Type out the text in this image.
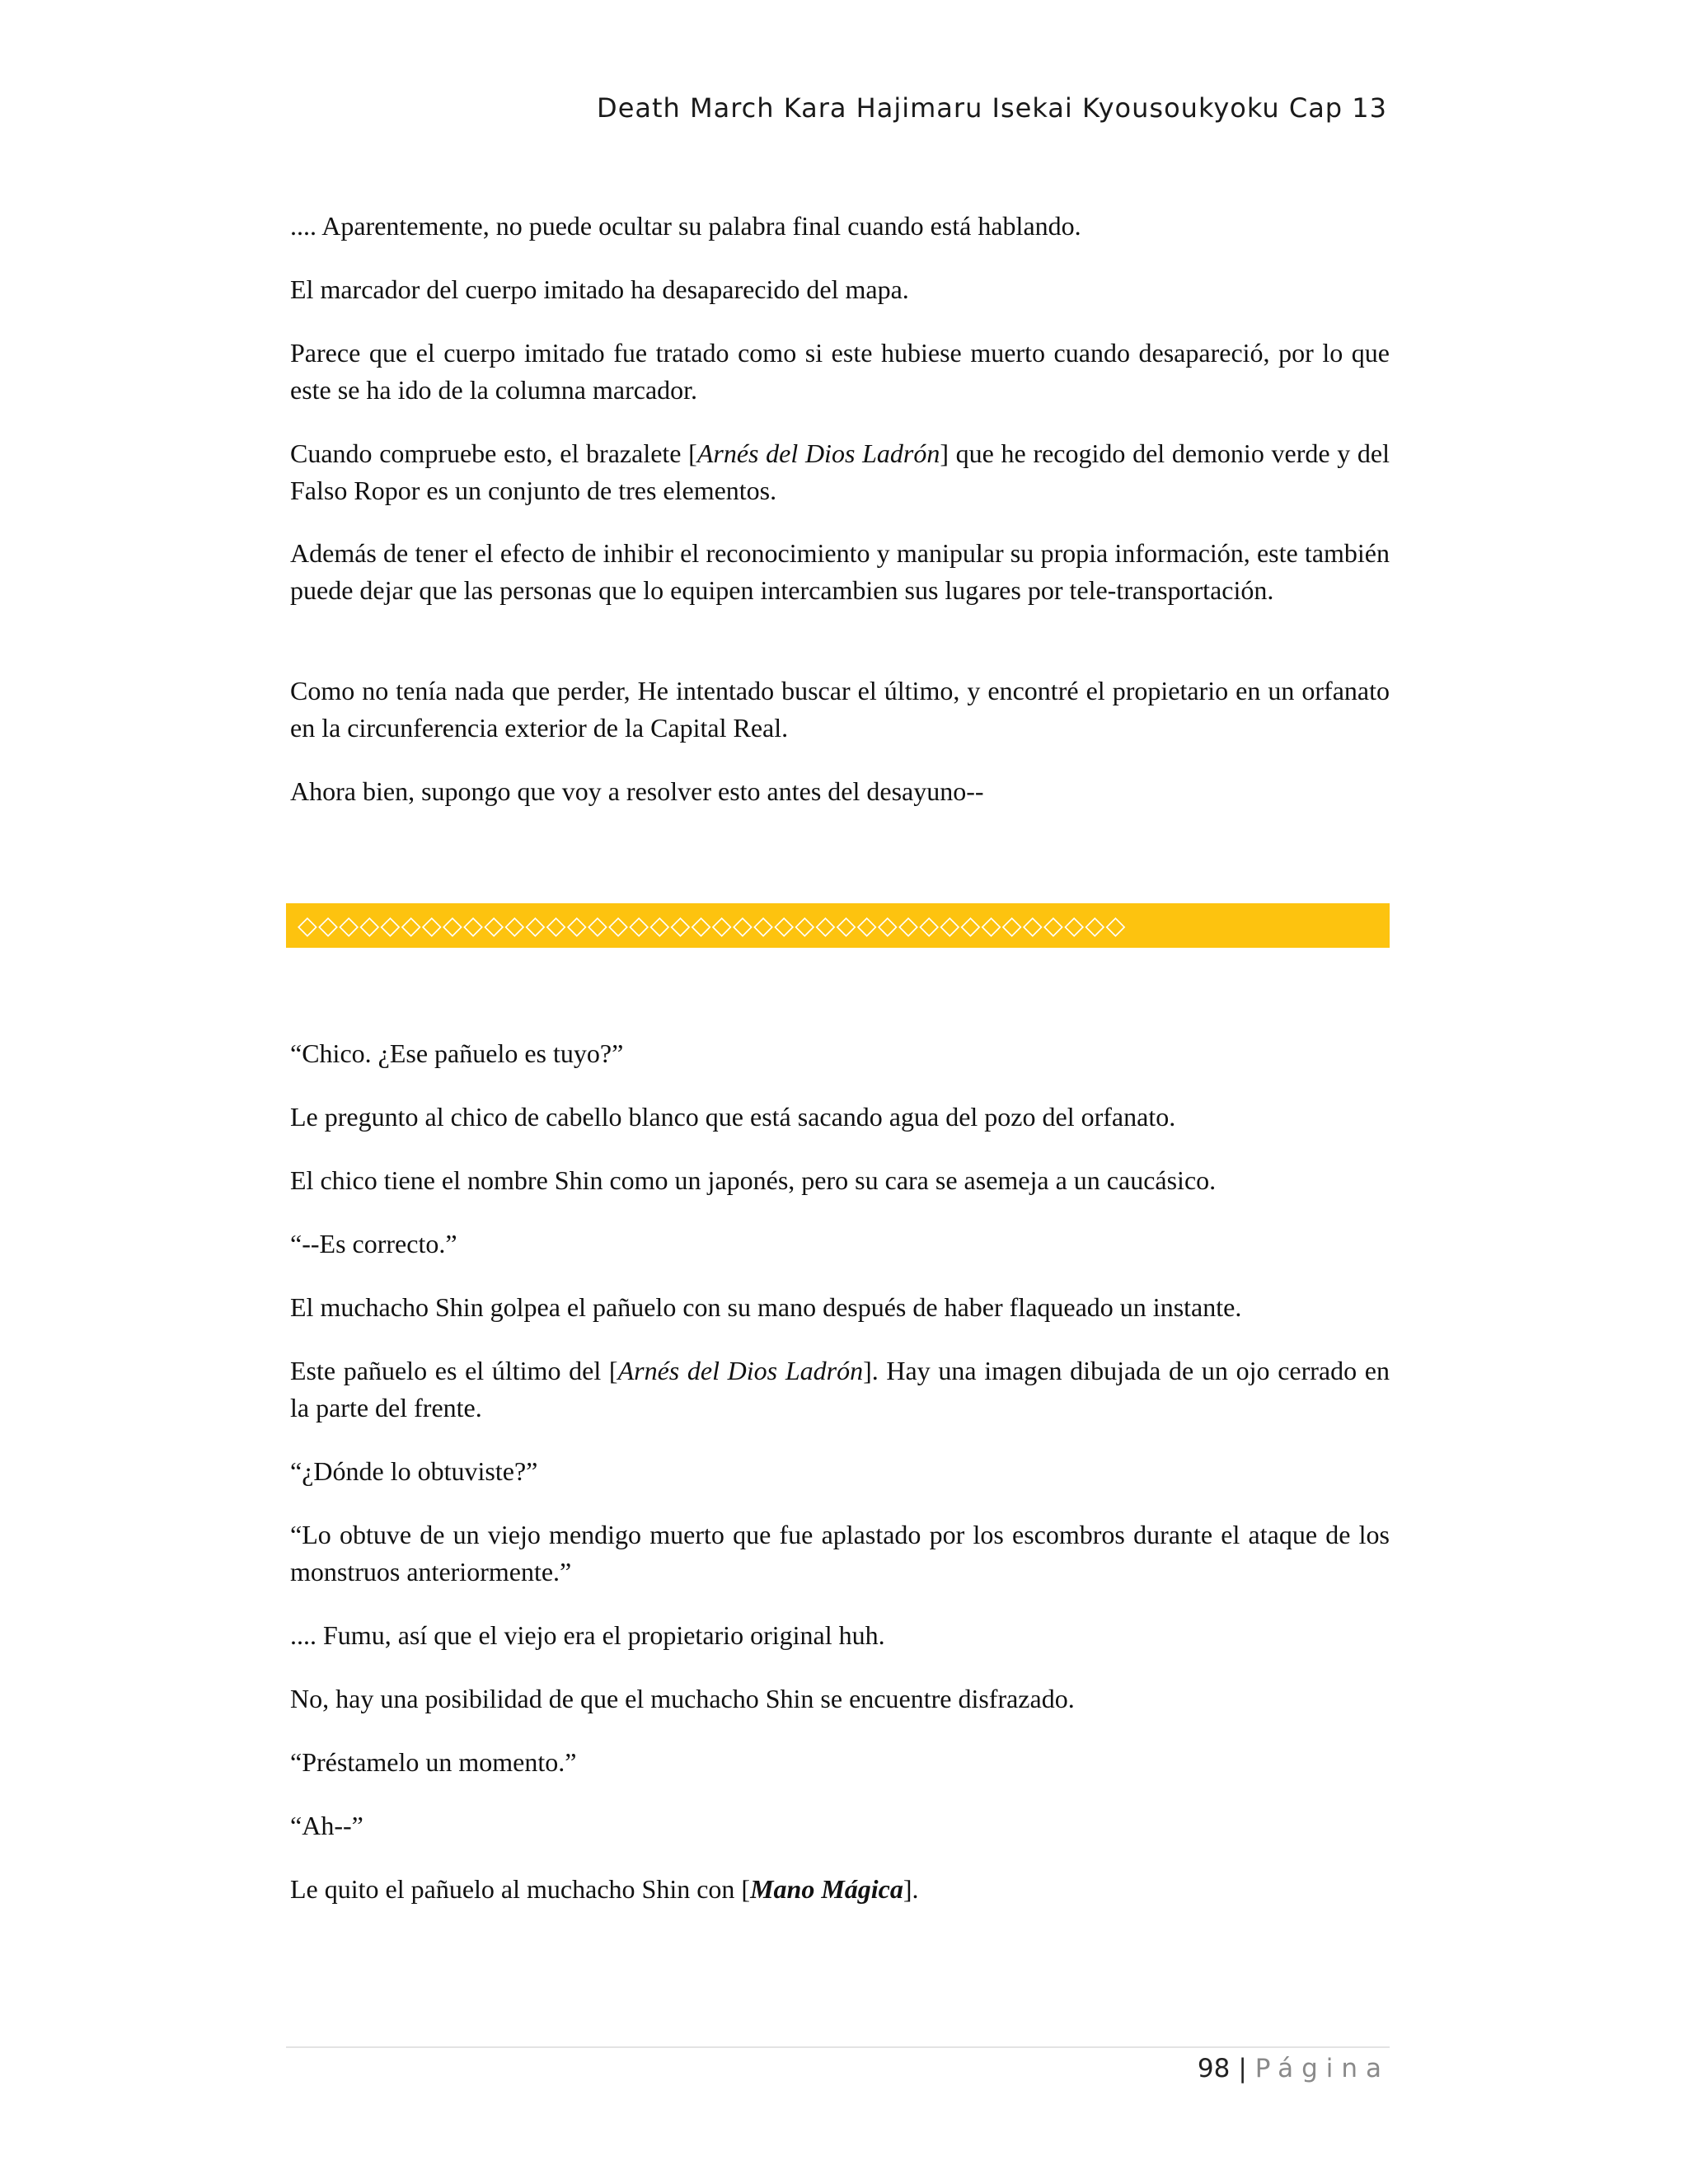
Death March Kara Hajimaru Isekai Kyousoukyoku Cap 13

.... Aparentemente, no puede ocultar su palabra final cuando está hablando.

El marcador del cuerpo imitado ha desaparecido del mapa.

Parece que el cuerpo imitado fue tratado como si este hubiese muerto cuando desapareció, por lo que este se ha ido de la columna marcador.

Cuando compruebe esto, el brazalete [Arnés del Dios Ladrón] que he recogido del demonio verde y del Falso Ropor es un conjunto de tres elementos.

Además de tener el efecto de inhibir el reconocimiento y manipular su propia información, este también puede dejar que las personas que lo equipen intercambien sus lugares por tele-transportación.

Como no tenía nada que perder, He intentado buscar el último, y encontré el propietario en un orfanato en la circunferencia exterior de la Capital Real.

Ahora bien, supongo que voy a resolver esto antes del desayuno--

◇◇◇◇◇◇◇◇◇◇◇◇◇◇◇◇◇◇◇◇◇◇◇◇◇◇◇◇◇◇◇◇◇◇◇◇◇◇◇◇

“Chico. ¿Ese pañuelo es tuyo?”

Le pregunto al chico de cabello blanco que está sacando agua del pozo del orfanato.

El chico tiene el nombre Shin como un japonés, pero su cara se asemeja a un caucásico.

“--Es correcto.”

El muchacho Shin golpea el pañuelo con su mano después de haber flaqueado un instante.

Este pañuelo es el último del [Arnés del Dios Ladrón]. Hay una imagen dibujada de un ojo cerrado en la parte del frente.

“¿Dónde lo obtuviste?”

“Lo obtuve de un viejo mendigo muerto que fue aplastado por los escombros durante el ataque de los monstruos anteriormente.”

.... Fumu, así que el viejo era el propietario original huh.

No, hay una posibilidad de que el muchacho Shin se encuentre disfrazado.

“Préstamelo un momento.”

“Ah--”

Le quito el pañuelo al muchacho Shin con [Mano Mágica].

98 | Página
